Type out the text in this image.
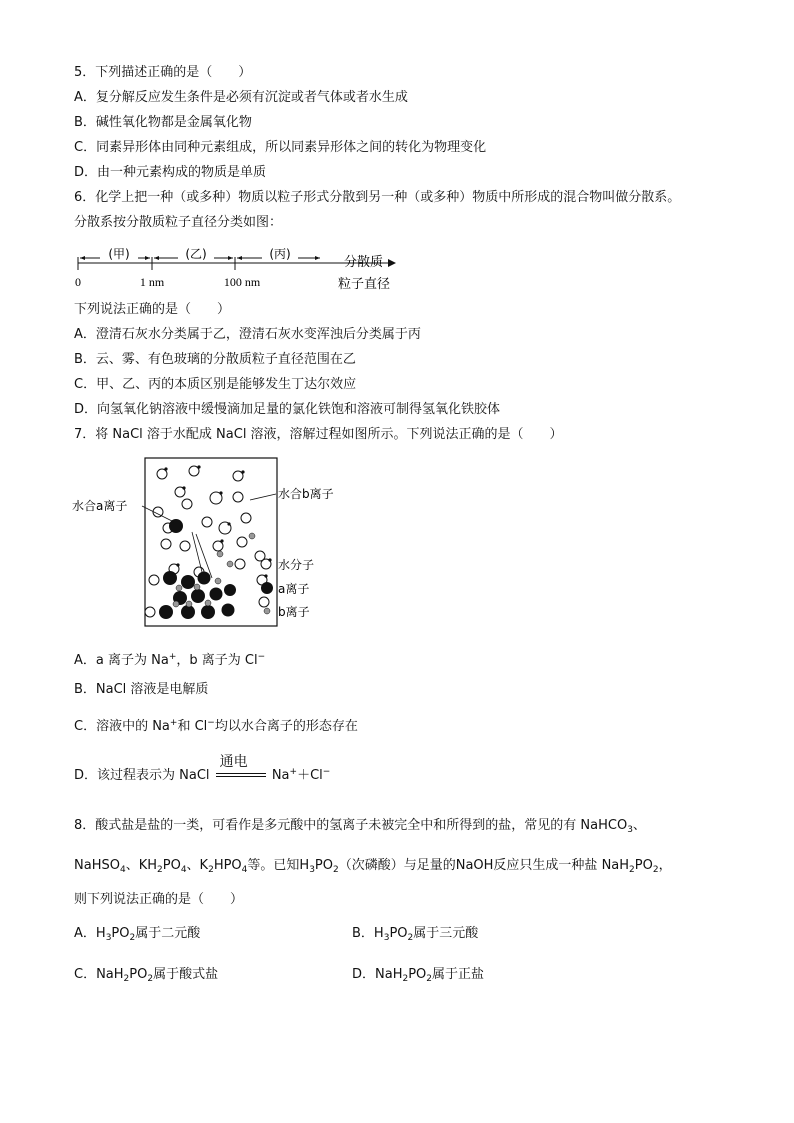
5．下列描述正确的是（　　）
A．复分解反应发生条件是必须有沉淀或者气体或者水生成
B．碱性氧化物都是金属氧化物
C．同素异形体由同种元素组成，所以同素异形体之间的转化为物理变化
D．由一种元素构成的物质是单质
6．化学上把一种（或多种）物质以粒子形式分散到另一种（或多种）物质中所形成的混合物叫做分散系。
分散系按分散质粒子直径分类如图：
(甲)	(乙)	(丙)
0	1 nm	100 nm
分散质
粒子直径
下列说法正确的是（　　）
A．澄清石灰水分类属于乙，澄清石灰水变浑浊后分类属于丙
B．云、雾、有色玻璃的分散质粒子直径范围在乙
C．甲、乙、丙的本质区别是能够发生丁达尔效应
D．向氢氧化钠溶液中缓慢滴加足量的氯化铁饱和溶液可制得氢氧化铁胶体
7．将 NaCl 溶于水配成 NaCl 溶液，溶解过程如图所示。下列说法正确的是（　　）
水合a离子
水合b离子
水分子
a离子
b离子
A．a 离子为 Na+，b 离子为 Cl−
B．NaCl 溶液是电解质
C．溶液中的 Na+和 Cl−均以水合离子的形态存在
D．该过程表示为 NaCl
通电
Na+＋Cl−
8．酸式盐是盐的一类，可看作是多元酸中的氢离子未被完全中和所得到的盐，常见的有 NaHCO$_3$、
NaHSO$_4$、$KH_2PO_4$、$K_2HPO_4$等。已知$H_3PO_2$（次磷酸）与足量的NaOH反应只生成一种盐 $NaH_2PO_2$，
则下列说法正确的是（　　）
A．$H_3PO_2$属于二元酸	B．$H_3PO_2$属于三元酸
C．$NaH_2PO_2$属于酸式盐	D．$NaH_2PO_2$属于正盐
